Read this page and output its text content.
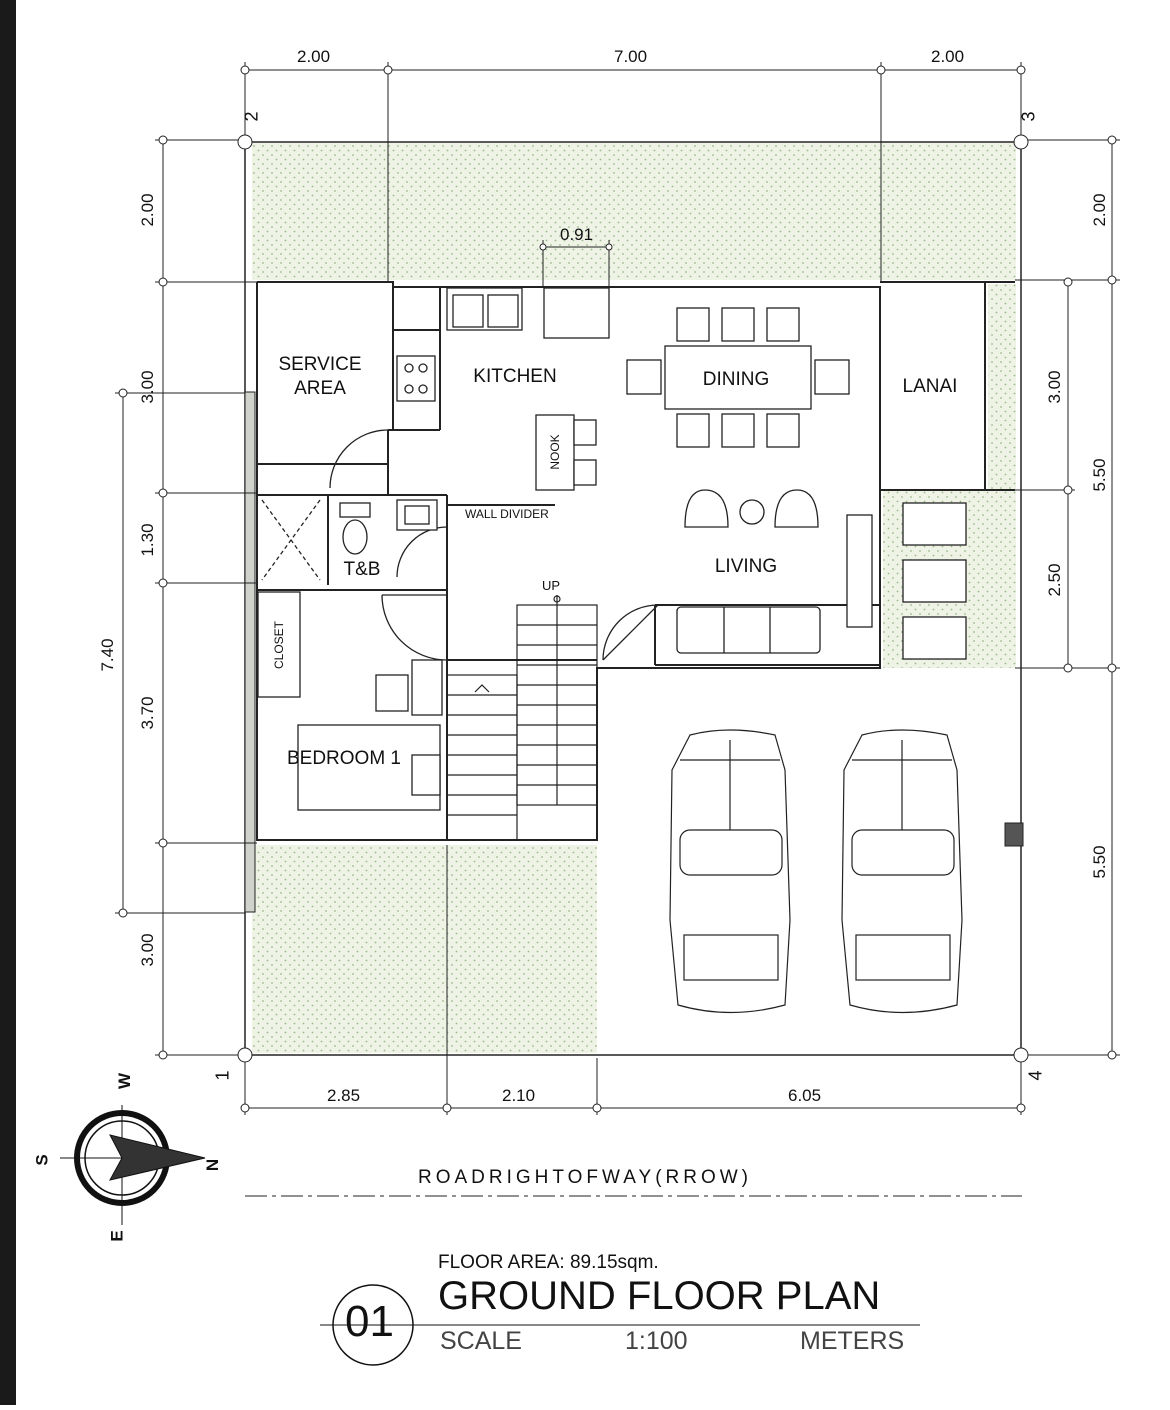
SERVICE
AREA
KITCHEN	DINING	LANAI
NOOK
WALL DIVIDER
T&B	LIVING
UP
CLOSET
BEDROOM 1
2.00	7.00	2.00
0.91
2.85	2.10	6.05
2.00
3.00
1.30
3.70
3.00
7.40
3.00
2.50
2.00
5.50
5.50
1
2	3
4
N
S
W
E
ROADRIGHTOFWAY(RROW)
FLOOR AREA: 89.15sqm.
01
GROUND FLOOR PLAN
SCALE	1:100	METERS
